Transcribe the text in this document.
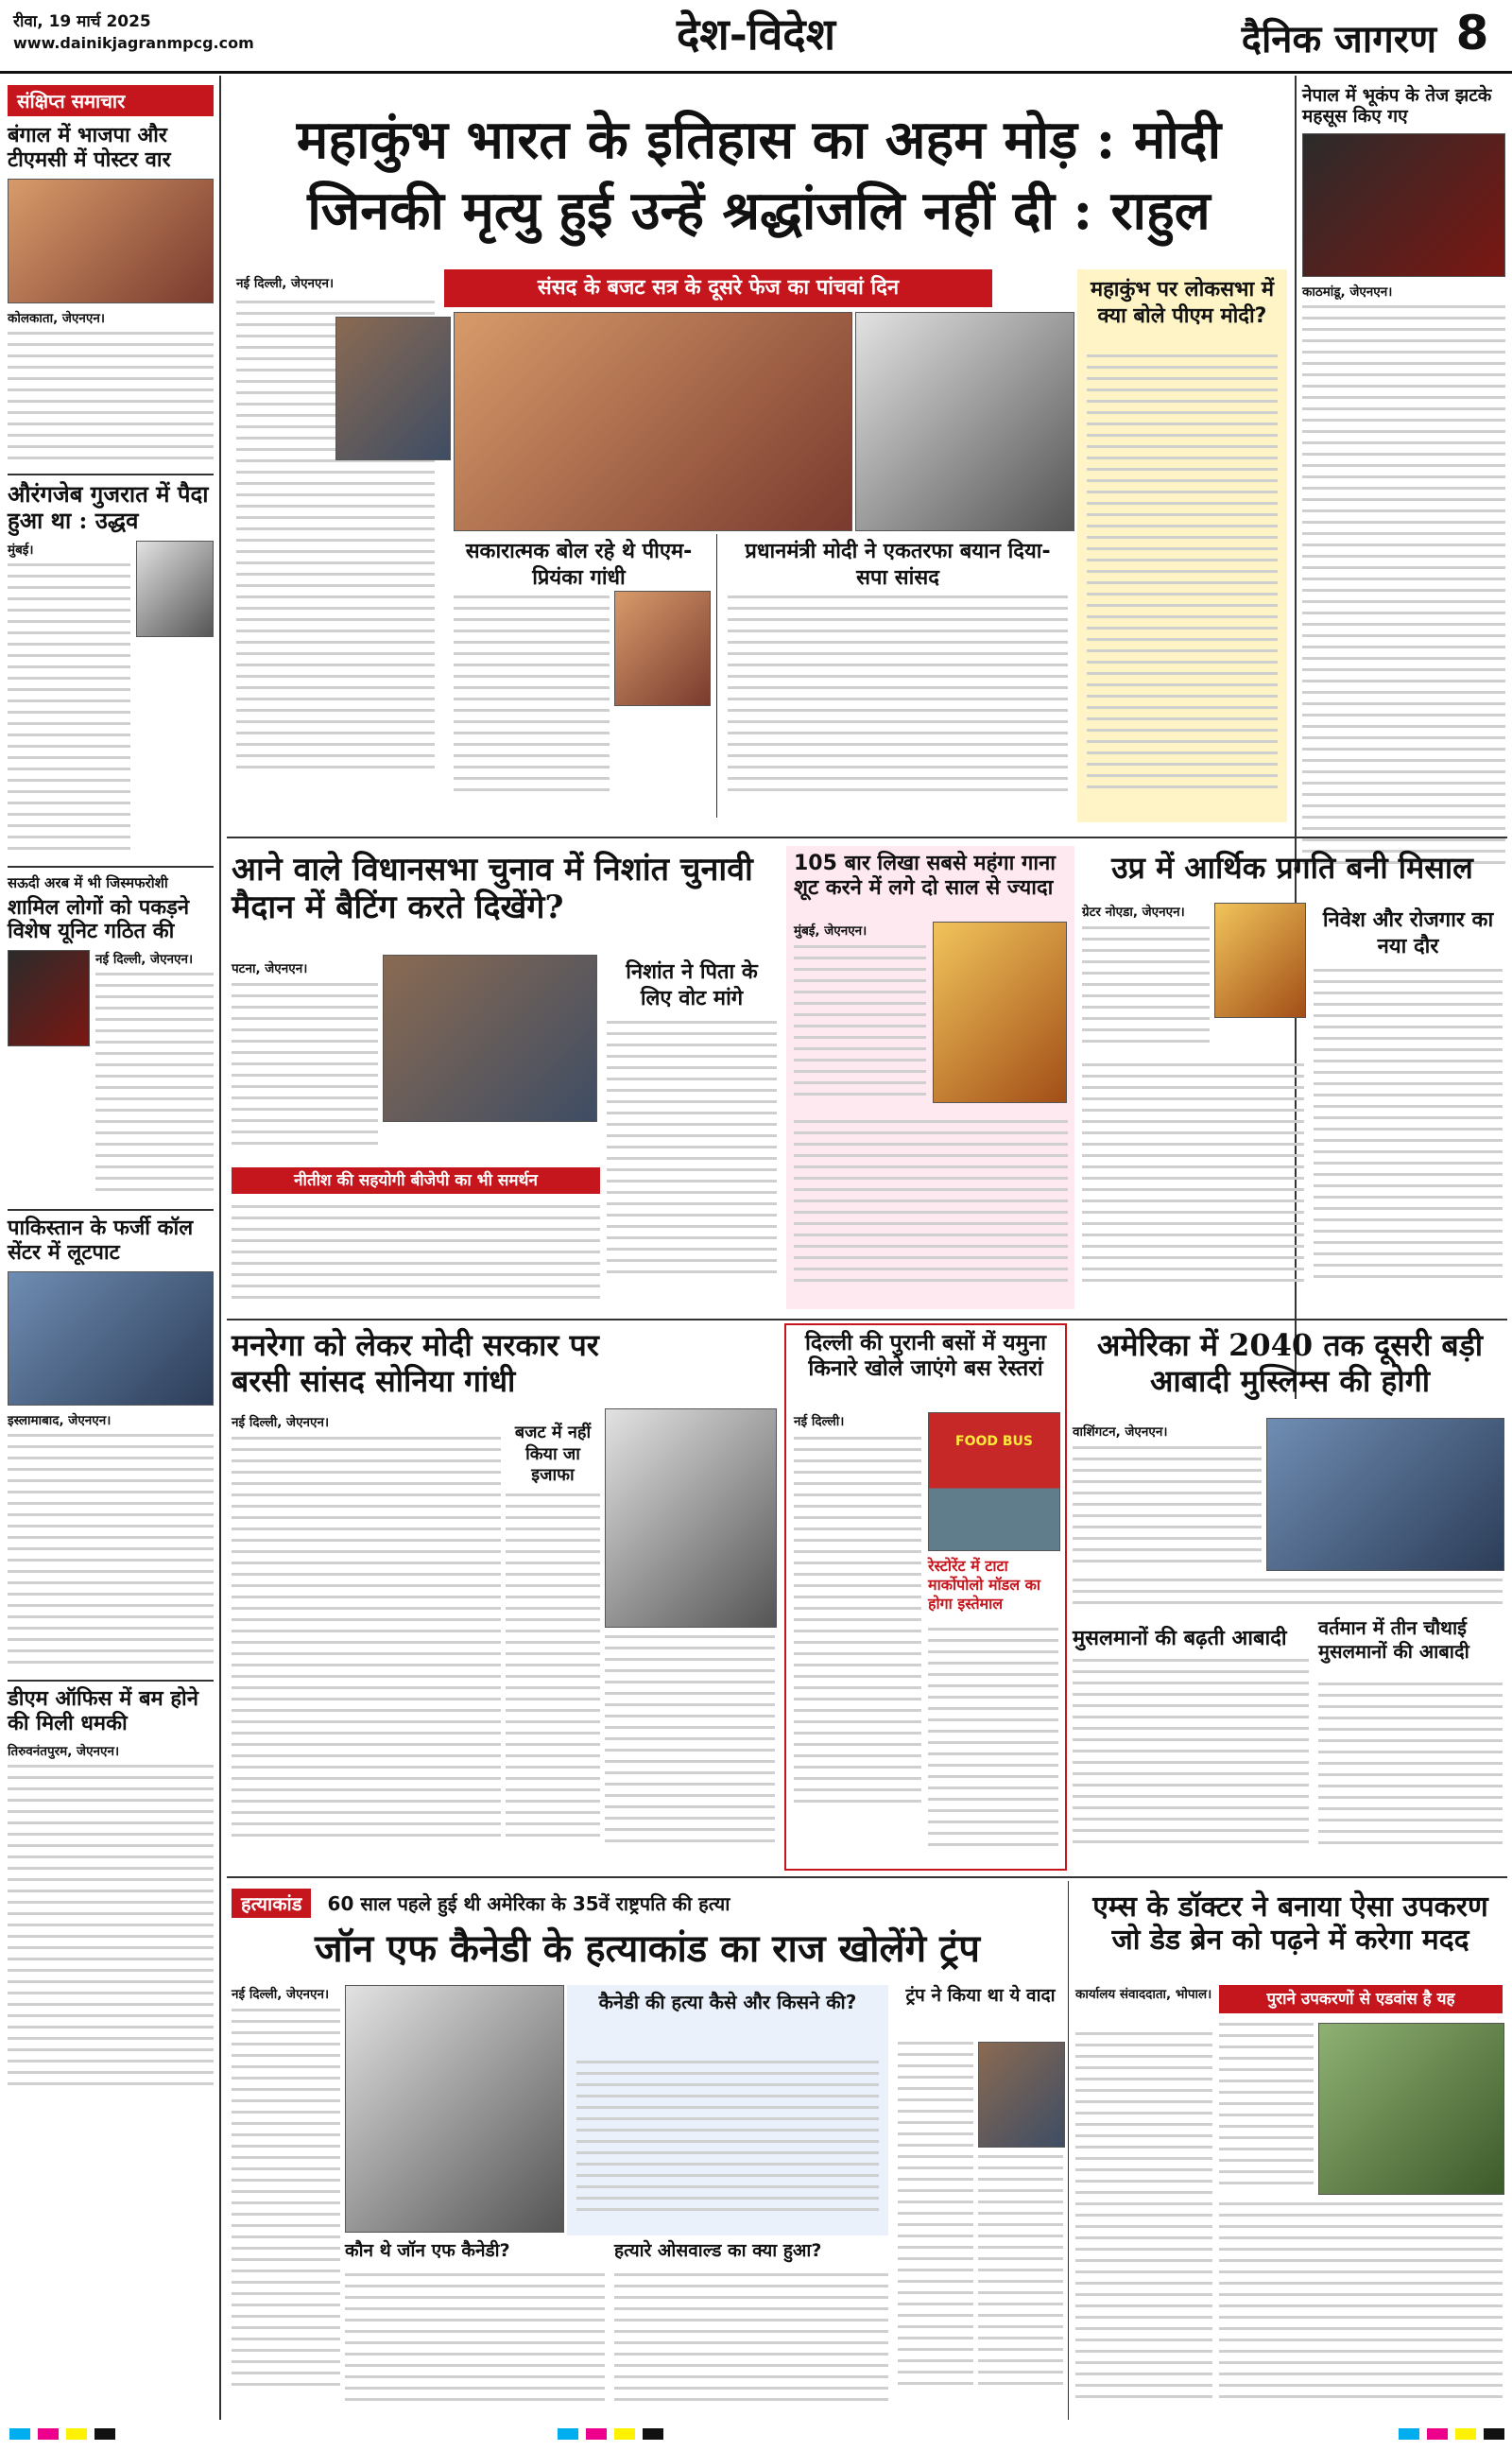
रीवा, 19 मार्च 2025
www.dainikjagranmpcg.com	देश-विदेश	दैनिक जागरण 8
संक्षिप्त समाचार
बंगाल में भाजपा और टीएमसी में पोस्टर वार
कोलकाता, जेएनएन।
औरंगजेब गुजरात में पैदा हुआ था : उद्धव
मुंबई।
सऊदी अरब में भी जिस्मफरोशी
शामिल लोगों को पकड़ने विशेष यूनिट गठित की
नई दिल्ली, जेएनएन।
पाकिस्तान के फर्जी कॉल सेंटर में लूटपाट
इस्लामाबाद, जेएनएन।
डीएम ऑफिस में बम होने की मिली धमकी
तिरुवनंतपुरम, जेएनएन।
महाकुंभ भारत के इतिहास का अहम मोड़ : मोदी
जिनकी मृत्यु हुई उन्हें श्रद्धांजलि नहीं दी : राहुल
संसद के बजट सत्र के दूसरे फेज का पांचवां दिन
नई दिल्ली, जेएनएन।	महाकुंभ पर लोकसभा में क्या बोले पीएम मोदी?
सकारात्मक बोल रहे थे पीएम- प्रियंका गांधी
प्रधानमंत्री मोदी ने एकतरफा बयान दिया- सपा सांसद
नेपाल में भूकंप के तेज झटके महसूस किए गए
काठमांडू, जेएनएन।
आने वाले विधानसभा चुनाव में निशांत चुनावी मैदान में बैटिंग करते दिखेंगे?
पटना, जेएनएन।
नीतीश की सहयोगी बीजेपी का भी समर्थन
निशांत ने पिता के लिए वोट मांगे
105 बार लिखा सबसे महंगा गाना शूट करने में लगे दो साल से ज्यादा
मुंबई, जेएनएन।
उप्र में आर्थिक प्रगति बनी मिसाल
ग्रेटर नोएडा, जेएनएन।	निवेश और रोजगार का नया दौर
मनरेगा को लेकर मोदी सरकार पर बरसी सांसद सोनिया गांधी
नई दिल्ली, जेएनएन।	बजट में नहीं किया जा इजाफा
दिल्ली की पुरानी बसों में यमुना किनारे खोले जाएंगे बस रेस्तरां
नई दिल्ली।
FOOD BUS
रेस्टोरेंट में टाटा मार्कोपोलो मॉडल का होगा इस्तेमाल
अमेरिका में 2040 तक दूसरी बड़ी आबादी मुस्लिम्स की होगी
वाशिंगटन, जेएनएन।
मुसलमानों की बढ़ती आबादी	वर्तमान में तीन चौथाई मुसलमानों की आबादी
हत्याकांड 60 साल पहले हुई थी अमेरिका के 35वें राष्ट्रपति की हत्या
जॉन एफ कैनेडी के हत्याकांड का राज खोलेंगे ट्रंप
नई दिल्ली, जेएनएन।	कैनेडी की हत्या कैसे और किसने की?	ट्रंप ने किया था ये वादा
कौन थे जॉन एफ कैनेडी?	हत्यारे ओसवाल्ड का क्या हुआ?
एम्स के डॉक्टर ने बनाया ऐसा उपकरण जो डेड ब्रेन को पढ़ने में करेगा मदद
कार्यालय संवाददाता, भोपाल।	पुराने उपकरणों से एडवांस है यह
